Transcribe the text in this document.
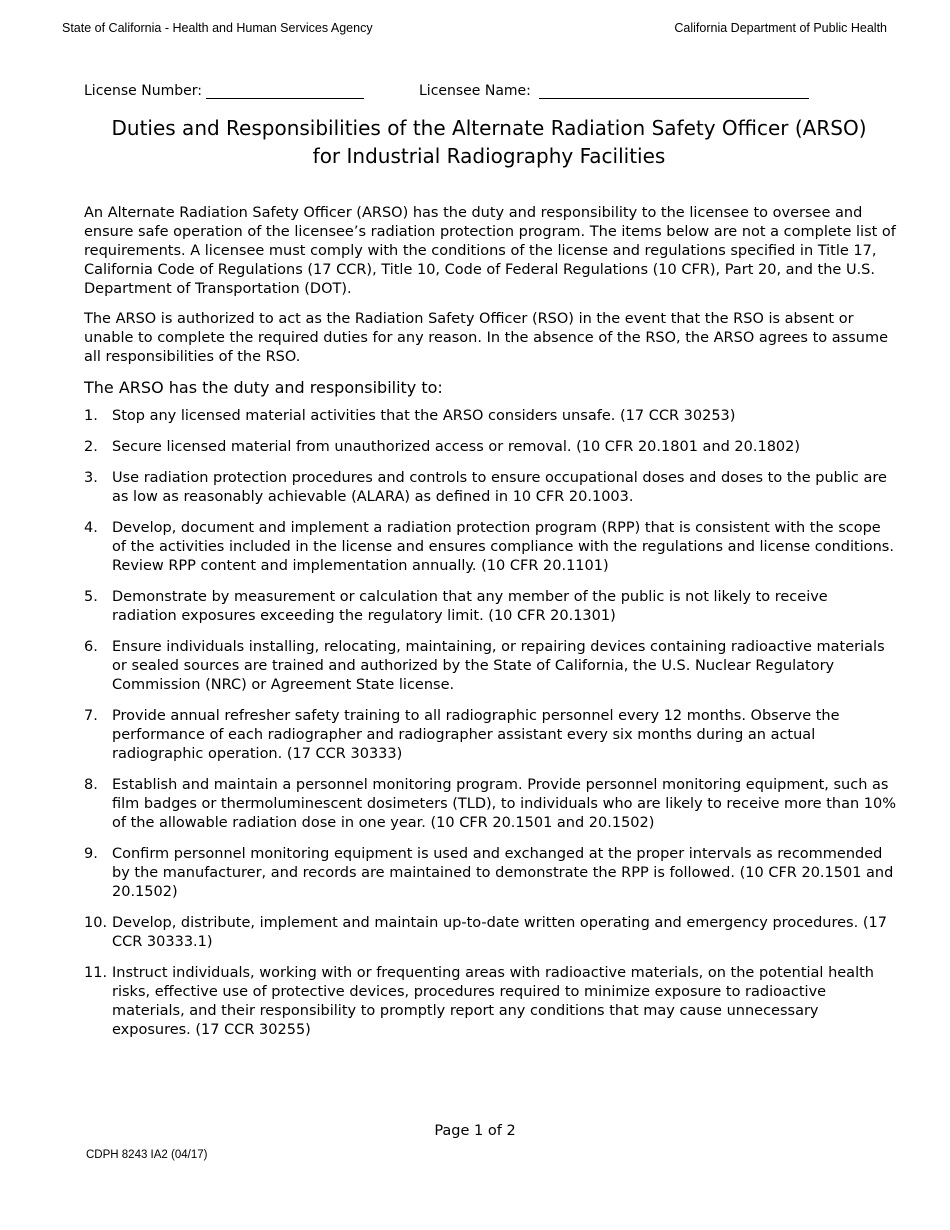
State of California - Health and Human Services Agency	California Department of Public Health
License Number:	Licensee Name:
Duties and Responsibilities of the Alternate Radiation Safety Officer (ARSO)
for Industrial Radiography Facilities

An Alternate Radiation Safety Officer (ARSO) has the duty and responsibility to the licensee to oversee and ensure safe operation of the licensee’s radiation protection program. The items below are not a complete list of requirements. A licensee must comply with the conditions of the license and regulations specified in Title 17, California Code of Regulations (17 CCR), Title 10, Code of Federal Regulations (10 CFR), Part 20, and the U.S. Department of Transportation (DOT).

The ARSO is authorized to act as the Radiation Safety Officer (RSO) in the event that the RSO is absent or unable to complete the required duties for any reason. In the absence of the RSO, the ARSO agrees to assume all responsibilities of the RSO.

The ARSO has the duty and responsibility to:

1. Stop any licensed material activities that the ARSO considers unsafe. (17 CCR 30253)
2. Secure licensed material from unauthorized access or removal. (10 CFR 20.1801 and 20.1802)
3. Use radiation protection procedures and controls to ensure occupational doses and doses to the public are as low as reasonably achievable (ALARA) as defined in 10 CFR 20.1003.
4. Develop, document and implement a radiation protection program (RPP) that is consistent with the scope of the activities included in the license and ensures compliance with the regulations and license conditions. Review RPP content and implementation annually. (10 CFR 20.1101)
5. Demonstrate by measurement or calculation that any member of the public is not likely to receive radiation exposures exceeding the regulatory limit. (10 CFR 20.1301)
6. Ensure individuals installing, relocating, maintaining, or repairing devices containing radioactive materials or sealed sources are trained and authorized by the State of California, the U.S. Nuclear Regulatory Commission (NRC) or Agreement State license.
7. Provide annual refresher safety training to all radiographic personnel every 12 months. Observe the performance of each radiographer and radiographer assistant every six months during an actual radiographic operation. (17 CCR 30333)
8. Establish and maintain a personnel monitoring program. Provide personnel monitoring equipment, such as film badges or thermoluminescent dosimeters (TLD), to individuals who are likely to receive more than 10% of the allowable radiation dose in one year. (10 CFR 20.1501 and 20.1502)
9. Confirm personnel monitoring equipment is used and exchanged at the proper intervals as recommended by the manufacturer, and records are maintained to demonstrate the RPP is followed. (10 CFR 20.1501 and 20.1502)
10. Develop, distribute, implement and maintain up-to-date written operating and emergency procedures. (17 CCR 30333.1)
11. Instruct individuals, working with or frequenting areas with radioactive materials, on the potential health risks, effective use of protective devices, procedures required to minimize exposure to radioactive materials, and their responsibility to promptly report any conditions that may cause unnecessary exposures. (17 CCR 30255)
Page 1 of 2
CDPH 8243 IA2 (04/17)
